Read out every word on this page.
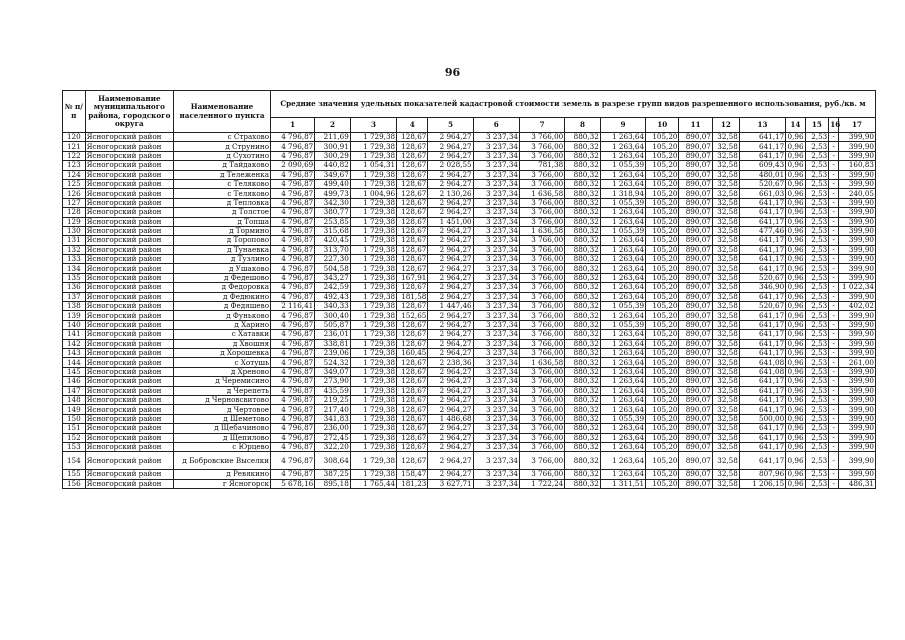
96
№ п/п	Наименование муниципального района, городского округа	Наименование населенного пункта	Средние значения удельных показателей кадастровой стоимости земель в разрезе групп видов разрешенного использования, руб./кв. м																
			1	2	3	4	5	6	7	8	9	10	11	12	13	14	15	16	17
120	Ясногорский район	с Страхово	4 796,87	211,69	1 729,38	128,67	2 964,27	3 237,34	3 766,00	880,32	1 263,64	105,20	890,07	32,58	641,17	0,96	2,53	-	399,90
121	Ясногорский район	д Струнино	4 796,87	300,91	1 729,38	128,67	2 964,27	3 237,34	3 766,00	880,32	1 263,64	105,20	890,07	32,58	641,17	0,96	2,53	-	399,90
122	Ясногорский район	д Сухотино	4 796,87	300,29	1 729,38	128,67	2 964,27	3 237,34	3 766,00	880,32	1 263,64	105,20	890,07	32,58	641,17	0,96	2,53	-	399,90
123	Ясногорский район	д Тайдаково	2 090,69	440,82	1 054,31	128,67	2 028,55	3 237,34	781,38	880,32	1 055,39	105,20	890,07	32,58	609,43	0,96	2,53	-	160,83
124	Ясногорский район	д Тележенка	4 796,87	349,67	1 729,38	128,67	2 964,27	3 237,34	3 766,00	880,32	1 263,64	105,20	890,07	32,58	480,01	0,96	2,53	-	399,90
125	Ясногорский район	с Теляково	4 796,87	499,40	1 729,38	128,67	2 964,27	3 237,34	3 766,00	880,32	1 263,64	105,20	890,07	32,58	520,67	0,96	2,53	-	399,90
126	Ясногорский район	с Теляково	4 796,87	499,73	1 004,96	128,67	2 130,26	3 237,34	1 636,58	880,32	1 318,94	105,20	890,07	32,58	661,03	0,96	2,53	-	240,05
127	Ясногорский район	д Тепловка	4 796,87	342,30	1 729,38	128,67	2 964,27	3 237,34	3 766,00	880,32	1 055,39	105,20	890,07	32,58	641,17	0,96	2,53	-	399,90
128	Ясногорский район	д Толстое	4 796,87	380,77	1 729,38	128,67	2 964,27	3 237,34	3 766,00	880,32	1 263,64	105,20	890,07	32,58	641,17	0,96	2,53	-	399,90
129	Ясногорский район	д Топша	4 796,87	253,85	1 729,38	128,67	1 451,00	3 237,34	3 766,00	880,32	1 263,64	105,20	890,07	32,58	641,17	0,96	2,53	-	399,90
130	Ясногорский район	д Тормино	4 796,87	315,68	1 729,38	128,67	2 964,27	3 237,34	1 636,58	880,32	1 055,39	105,20	890,07	32,58	477,46	0,96	2,53	-	399,90
131	Ясногорский район	д Торопово	4 796,87	420,45	1 729,38	128,67	2 964,27	3 237,34	3 766,00	880,32	1 263,64	105,20	890,07	32,58	641,17	0,96	2,53	-	399,90
132	Ясногорский район	д Тунаевка	4 796,87	313,70	1 729,38	128,67	2 964,27	3 237,34	3 766,00	880,32	1 263,64	105,20	890,07	32,58	641,17	0,96	2,53	-	399,90
133	Ясногорский район	д Тузлино	4 796,87	227,30	1 729,38	128,67	2 964,27	3 237,34	3 766,00	880,32	1 263,64	105,20	890,07	32,58	641,17	0,96	2,53	-	399,90
134	Ясногорский район	д Ушаково	4 796,87	504,58	1 729,38	128,67	2 964,27	3 237,34	3 766,00	880,32	1 263,64	105,20	890,07	32,58	641,17	0,96	2,53	-	399,90
135	Ясногорский район	д Федешово	4 796,87	343,27	1 729,38	167,91	2 964,27	3 237,34	3 766,00	880,32	1 263,64	105,20	890,07	32,58	520,67	0,96	2,53	-	399,90
136	Ясногорский район	д Федоровка	4 796,87	242,59	1 729,38	128,67	2 964,27	3 237,34	3 766,00	880,32	1 263,64	105,20	890,07	32,58	346,90	0,96	2,53	-	1 022,34
137	Ясногорский район	д Федюкино	4 796,87	492,43	1 729,38	181,58	2 964,27	3 237,34	3 766,00	880,32	1 263,64	105,20	890,07	32,58	641,17	0,96	2,53	-	399,90
138	Ясногорский район	д Федяшево	2 116,41	340,33	1 729,38	128,67	1 447,46	3 237,34	3 766,00	880,32	1 055,39	105,20	890,07	32,58	520,67	0,96	2,53	-	402,02
139	Ясногорский район	д Фуньково	4 796,87	300,40	1 729,38	152,65	2 964,27	3 237,34	3 766,00	880,32	1 263,64	105,20	890,07	32,58	641,17	0,96	2,53	-	399,90
140	Ясногорский район	д Харино	4 796,87	505,87	1 729,38	128,67	2 964,27	3 237,34	3 766,00	880,32	1 055,39	105,20	890,07	32,58	641,17	0,96	2,53	-	399,90
141	Ясногорский район	с Хатавки	4 796,87	236,01	1 729,38	128,67	2 964,27	3 237,34	3 766,00	880,32	1 263,64	105,20	890,07	32,58	641,17	0,96	2,53	-	399,90
142	Ясногорский район	д Хвошня	4 796,87	338,81	1 729,38	128,67	2 964,27	3 237,34	3 766,00	880,32	1 263,64	105,20	890,07	32,58	641,17	0,96	2,53	-	399,90
143	Ясногорский район	д Хорошевка	4 796,87	239,06	1 729,38	160,45	2 964,27	3 237,34	3 766,00	880,32	1 263,64	105,20	890,07	32,58	641,17	0,96	2,53	-	399,90
144	Ясногорский район	с Хотушь	4 796,87	524,32	1 729,38	128,67	2 238,36	3 237,34	1 636,58	880,32	1 263,64	105,20	890,07	32,58	641,08	0,96	2,53	-	261,00
145	Ясногорский район	д Хреново	4 796,87	349,07	1 729,38	128,67	2 964,27	3 237,34	3 766,00	880,32	1 263,64	105,20	890,07	32,58	641,08	0,96	2,53	-	399,90
146	Ясногорский район	д Черемисино	4 796,87	273,90	1 729,38	128,67	2 964,27	3 237,34	3 766,00	880,32	1 263,64	105,20	890,07	32,58	641,17	0,96	2,53	-	399,90
147	Ясногорский район	д Черепеть	4 796,87	435,59	1 729,38	128,67	2 964,27	3 237,34	3 766,00	880,32	1 263,64	105,20	890,07	32,58	641,17	0,96	2,53	-	399,90
148	Ясногорский район	д Черновсвитово	4 796,87	219,25	1 729,38	128,67	2 964,27	3 237,34	3 766,00	880,32	1 263,64	105,20	890,07	32,58	641,17	0,96	2,53	-	399,90
149	Ясногорский район	д Чертовое	4 796,87	217,40	1 729,38	128,67	2 964,27	3 237,34	3 766,00	880,32	1 263,64	105,20	890,07	32,58	641,17	0,96	2,53	-	399,90
150	Ясногорский район	д Шеметово	4 796,87	341,83	1 729,38	128,67	1 486,68	3 237,34	3 766,00	880,32	1 055,39	105,20	890,07	32,58	500,00	0,96	2,53	-	399,90
151	Ясногорский район	д Щебачиново	4 796,87	236,00	1 729,38	128,67	2 964,27	3 237,34	3 766,00	880,32	1 263,64	105,20	890,07	32,58	641,17	0,96	2,53	-	399,90
152	Ясногорский район	д Щепилово	4 796,87	272,45	1 729,38	128,67	2 964,27	3 237,34	3 766,00	880,32	1 263,64	105,20	890,07	32,58	641,17	0,96	2,53	-	399,90
153	Ясногорский район	с Юрцево	4 796,87	322,20	1 729,38	128,67	2 964,27	3 237,34	3 766,00	880,32	1 263,64	105,20	890,07	32,58	641,17	0,96	2,53	-	399,90
154	Ясногорский район	д Бобровские Выселки	4 796,87	308,64	1 729,38	128,67	2 964,27	3 237,34	3 766,00	880,32	1 263,64	105,20	890,07	32,58	641,17	0,96	2,53	-	399,90
155	Ясногорский район	д Ревякино	4 796,87	387,25	1 729,38	158,47	2 964,27	3 237,34	3 766,00	880,32	1 263,64	105,20	890,07	32,58	807,96	0,96	2,53	-	399,90
156	Ясногорский район	г Ясногорск	5 678,16	895,18	1 765,44	181,23	3 627,71	3 237,34	1 722,24	880,32	1 311,51	105,20	890,07	32,58	1 206,15	0,96	2,53	-	486,31
